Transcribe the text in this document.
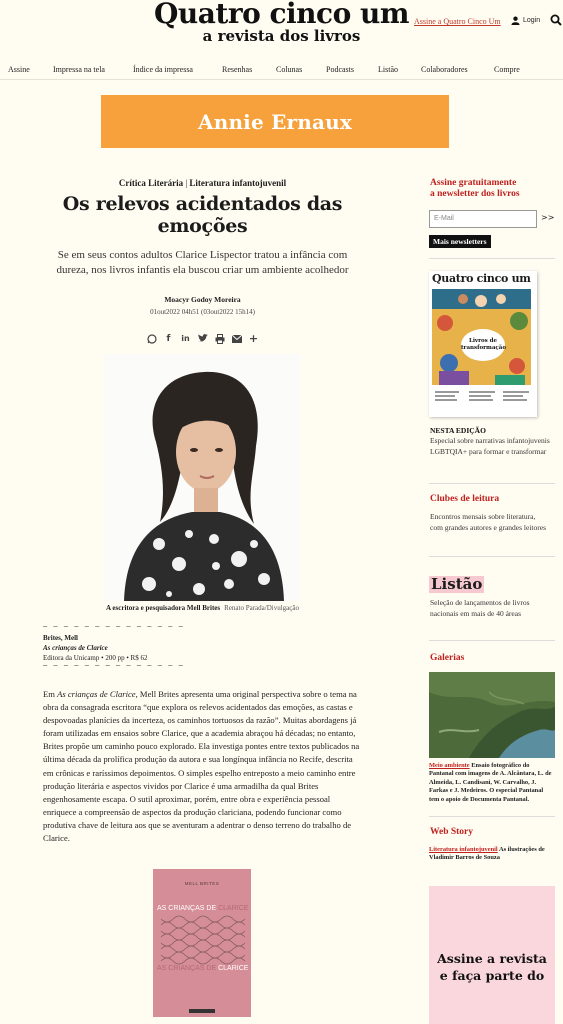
Quatro cinco um
a revista dos livros
Assine a Quatro Cinco Um	Login
Assine	Impressa na tela	Índice da impressa	Resenhas	Colunas	Podcasts	Listão	Colaboradores	Compre
Annie Ernaux
Crítica Literária | Literatura infantojuvenil
Os relevos acidentados das emoções

Se em seus contos adultos Clarice Lispector tratou a infância com dureza, nos livros infantis ela buscou criar um ambiente acolhedor

Moacyr Godoy Moreira
01out2022 04h51 (03out2022 15h14)
f	in	+
A escritora e pesquisadora Mell Brites Renato Parada/Divulgação
— — — — — — — — — — — — — —
Brites, Mell
As crianças de Clarice
Editora da Unicamp • 200 pp • R$ 62
— — — — — — — — — — — — — —

Em As crianças de Clarice, Mell Brites apresenta uma original perspectiva sobre o tema na obra da consagrada escritora “que explora os relevos acidentados das emoções, as castas e despovoadas planícies da incerteza, os caminhos tortuosos da razão”. Muitas abordagens já foram utilizadas em ensaios sobre Clarice, que a academia abraçou há décadas; no entanto, Brites propõe um caminho pouco explorado. Ela investiga pontes entre textos publicados na última década da prolífica produção da autora e sua longínqua infância no Recife, descrita em crônicas e raríssimos depoimentos. O simples espelho entreposto a meio caminho entre produção literária e aspectos vividos por Clarice é uma armadilha da qual Brites engenhosamente escapa. O sutil aproximar, porém, entre obra e experiência pessoal enriquece a compreensão de aspectos da produção clariciana, podendo funcionar como produtiva chave de leitura aos que se aventuram a adentrar o denso terreno do trabalho de Clarice.

MELL BRITES
AS CRIANÇAS DE CLARICE
AS CRIANÇAS DE CLARICE
Assine gratuitamente
a newsletter dos livros
E-Mail	>>
Mais newsletters
Quatro cinco um
Livros de
transformação
NESTA EDIÇÃO
Especial sobre narrativas infantojuvenis LGBTQIA+ para formar e transformar
Clubes de leitura
Encontros mensais sobre literatura, com grandes autores e grandes leitores
Listão
Seleção de lançamentos de livros nacionais em mais de 40 áreas
Galerias
Meio ambiente Ensaio fotográfico do Pantanal com imagens de A. Alcântara, L. de Almeida, L. Candisani, W. Carvalho, J. Farkas e J. Medeiros. O especial Pantanal tem o apoio de Documenta Pantanal.
Web Story
Literatura infantojuvenil As ilustrações de Vladimir Barros de Souza
Assine a revista
e faça parte do
